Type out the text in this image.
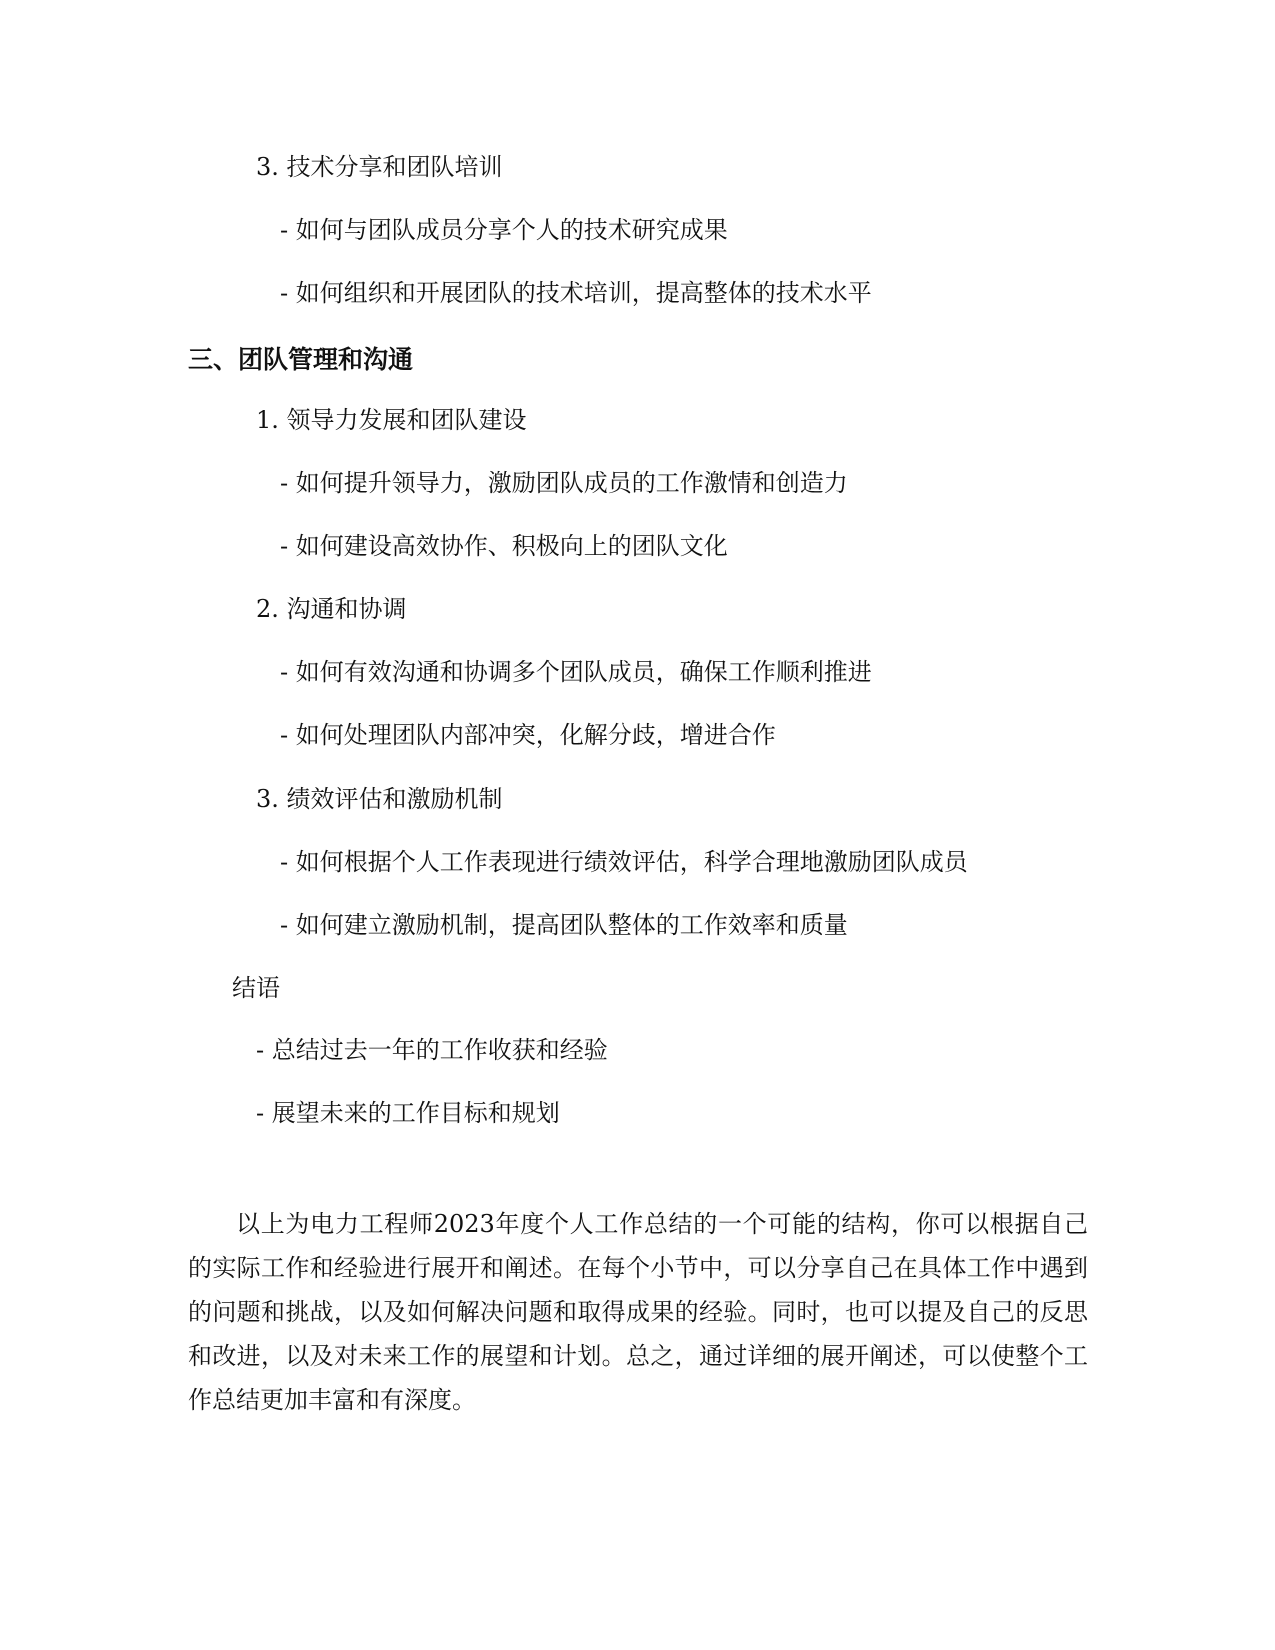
3. 技术分享和团队培训
- 如何与团队成员分享个人的技术研究成果
- 如何组织和开展团队的技术培训，提高整体的技术水平
三、团队管理和沟通
1. 领导力发展和团队建设
- 如何提升领导力，激励团队成员的工作激情和创造力
- 如何建设高效协作、积极向上的团队文化
2. 沟通和协调
- 如何有效沟通和协调多个团队成员，确保工作顺利推进
- 如何处理团队内部冲突，化解分歧，增进合作
3. 绩效评估和激励机制
- 如何根据个人工作表现进行绩效评估，科学合理地激励团队成员
- 如何建立激励机制，提高团队整体的工作效率和质量
结语
- 总结过去一年的工作收获和经验
- 展望未来的工作目标和规划
以上为电力工程师2023年度个人工作总结的一个可能的结构，你可以根据自己的实际工作和经验进行展开和阐述。在每个小节中，可以分享自己在具体工作中遇到的问题和挑战，以及如何解决问题和取得成果的经验。同时，也可以提及自己的反思和改进，以及对未来工作的展望和计划。总之，通过详细的展开阐述，可以使整个工作总结更加丰富和有深度。
